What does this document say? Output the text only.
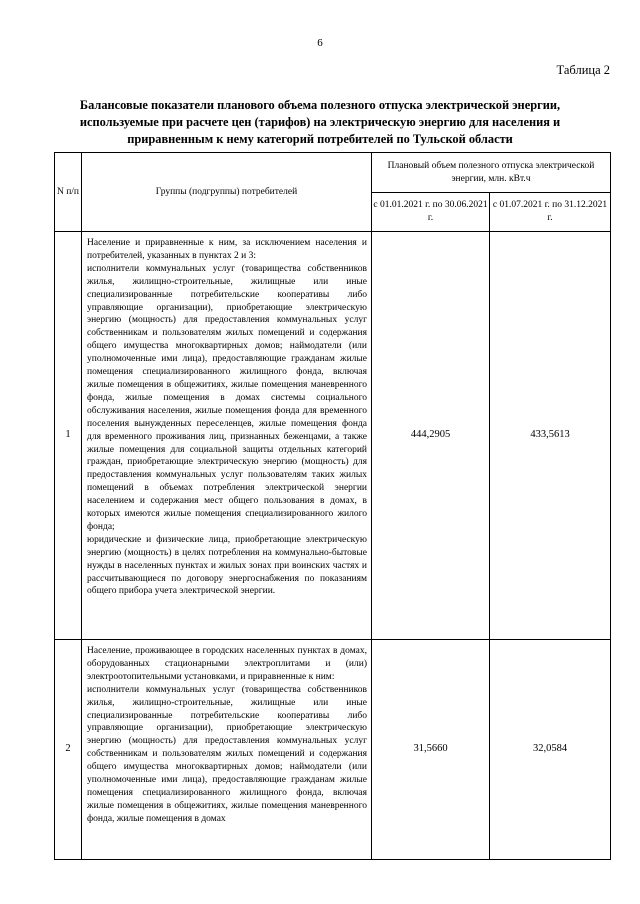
6
Таблица 2
Балансовые показатели планового объема полезного отпуска электрической энергии, используемые при расчете цен (тарифов) на электрическую энергию для населения и приравненным к нему категорий потребителей по Тульской области
N п/п	Группы (подгруппы) потребителей	Плановый объем полезного отпуска электрической энергии, млн. кВт.ч	

		с 01.01.2021 г. по 30.06.2021 г.	с 01.07.2021 г. по 31.12.2021 г.
1	Население и приравненные к ним, за исключением населения и потребителей, указанных в пунктах 2 и 3:
исполнители коммунальных услуг (товарищества собственников жилья, жилищно-строительные, жилищные или иные специализированные потребительские кооперативы либо управляющие организации), приобретающие электрическую энергию (мощность) для предоставления коммунальных услуг собственникам и пользователям жилых помещений и содержания общего имущества многоквартирных домов; наймодатели (или уполномоченные ими лица), предоставляющие гражданам жилые помещения специализированного жилищного фонда, включая жилые помещения в общежитиях, жилые помещения маневренного фонда, жилые помещения в домах системы социального обслуживания населения, жилые помещения фонда для временного поселения вынужденных переселенцев, жилые помещения фонда для временного проживания лиц, признанных беженцами, а также жилые помещения для социальной защиты отдельных категорий граждан, приобретающие электрическую энергию (мощность) для предоставления коммунальных услуг пользователям таких жилых помещений в объемах потребления электрической энергии населением и содержания мест общего пользования в домах, в которых имеются жилые помещения специализированного жилого фонда;
юридические и физические лица, приобретающие электрическую энергию (мощность) в целях потребления на коммунально-бытовые нужды в населенных пунктах и жилых зонах при воинских частях и рассчитывающиеся по договору энергоснабжения по показаниям общего прибора учета электрической энергии.	444,2905	433,5613
2	Население, проживающее в городских населенных пунктах в домах, оборудованных стационарными электроплитами и (или) электроотопительными установками, и приравненные к ним:
исполнители коммунальных услуг (товарищества собственников жилья, жилищно-строительные, жилищные или иные специализированные потребительские кооперативы либо управляющие организации), приобретающие электрическую энергию (мощность) для предоставления коммунальных услуг собственникам и пользователям жилых помещений и содержания общего имущества многоквартирных домов; наймодатели (или уполномоченные ими лица), предоставляющие гражданам жилые помещения специализированного жилищного фонда, включая жилые помещения в общежитиях, жилые помещения маневренного фонда, жилые помещения в домах	31,5660	32,0584
